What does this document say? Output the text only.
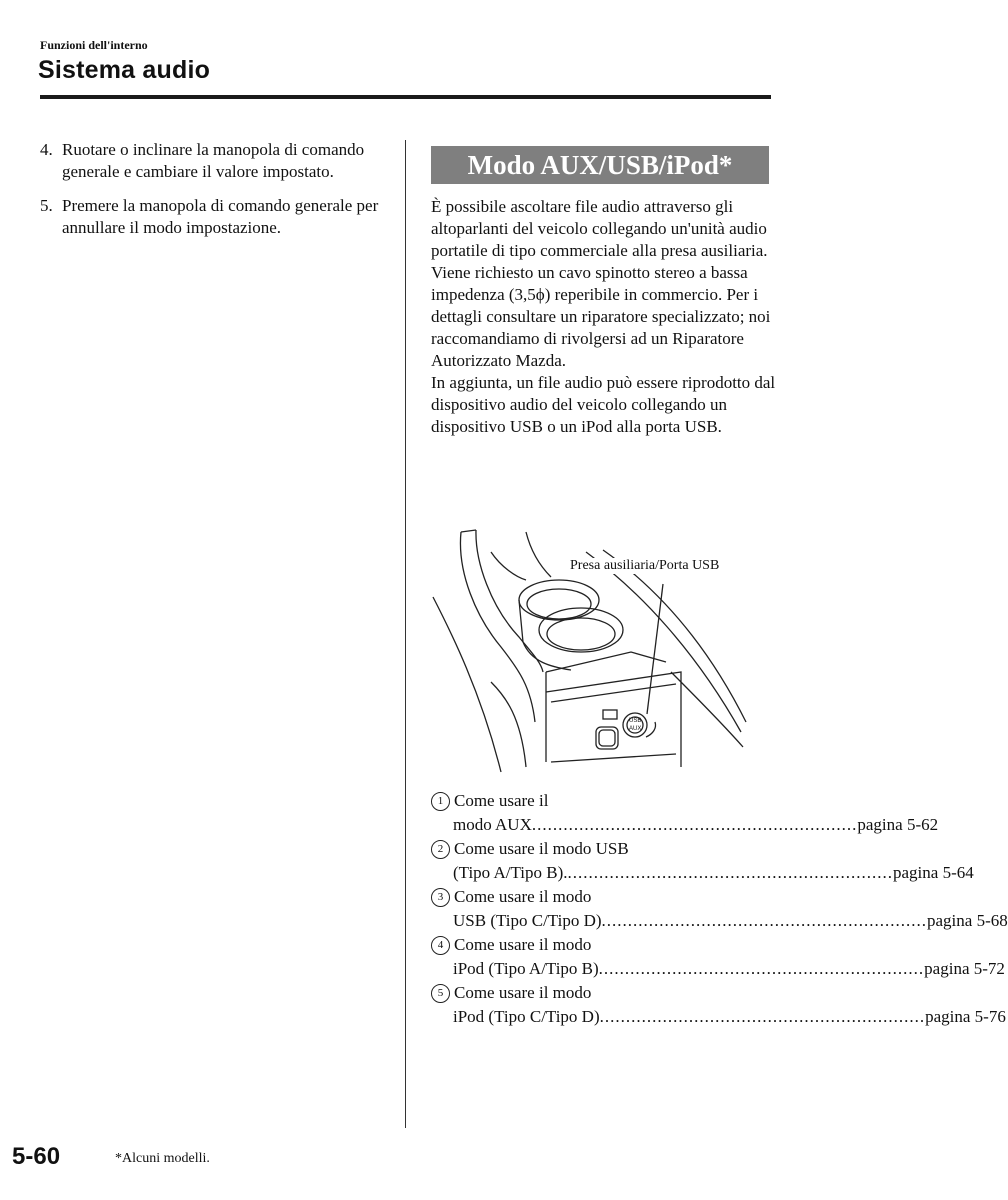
Funzioni dell'interno
Sistema audio
4. Ruotare o inclinare la manopola di comando generale e cambiare il valore impostato.
5. Premere la manopola di comando generale per annullare il modo impostazione.
Modo AUX/USB/iPod*

È possibile ascoltare file audio attraverso gli altoparlanti del veicolo collegando un'unità audio portatile di tipo commerciale alla presa ausiliaria.

Viene richiesto un cavo spinotto stereo a bassa impedenza (3,5ϕ) reperibile in commercio. Per i dettagli consultare un riparatore specializzato; noi raccomandiamo di rivolgersi ad un Riparatore Autorizzato Mazda.

In aggiunta, un file audio può essere riprodotto dal dispositivo audio del veicolo collegando un dispositivo USB o un iPod alla porta USB.

USB
AUX
Presa ausiliaria/Porta USB
1 Come usare il
modo AUX .............................................................. pagina 5-62
2 Come usare il modo USB
(Tipo A/Tipo B). .............................................................. pagina 5-64
3 Come usare il modo
USB (Tipo C/Tipo D) .............................................................. pagina 5-68
4 Come usare il modo
iPod (Tipo A/Tipo B) .............................................................. pagina 5-72
5 Come usare il modo
iPod (Tipo C/Tipo D) .............................................................. pagina 5-76
5-60	*Alcuni modelli.
